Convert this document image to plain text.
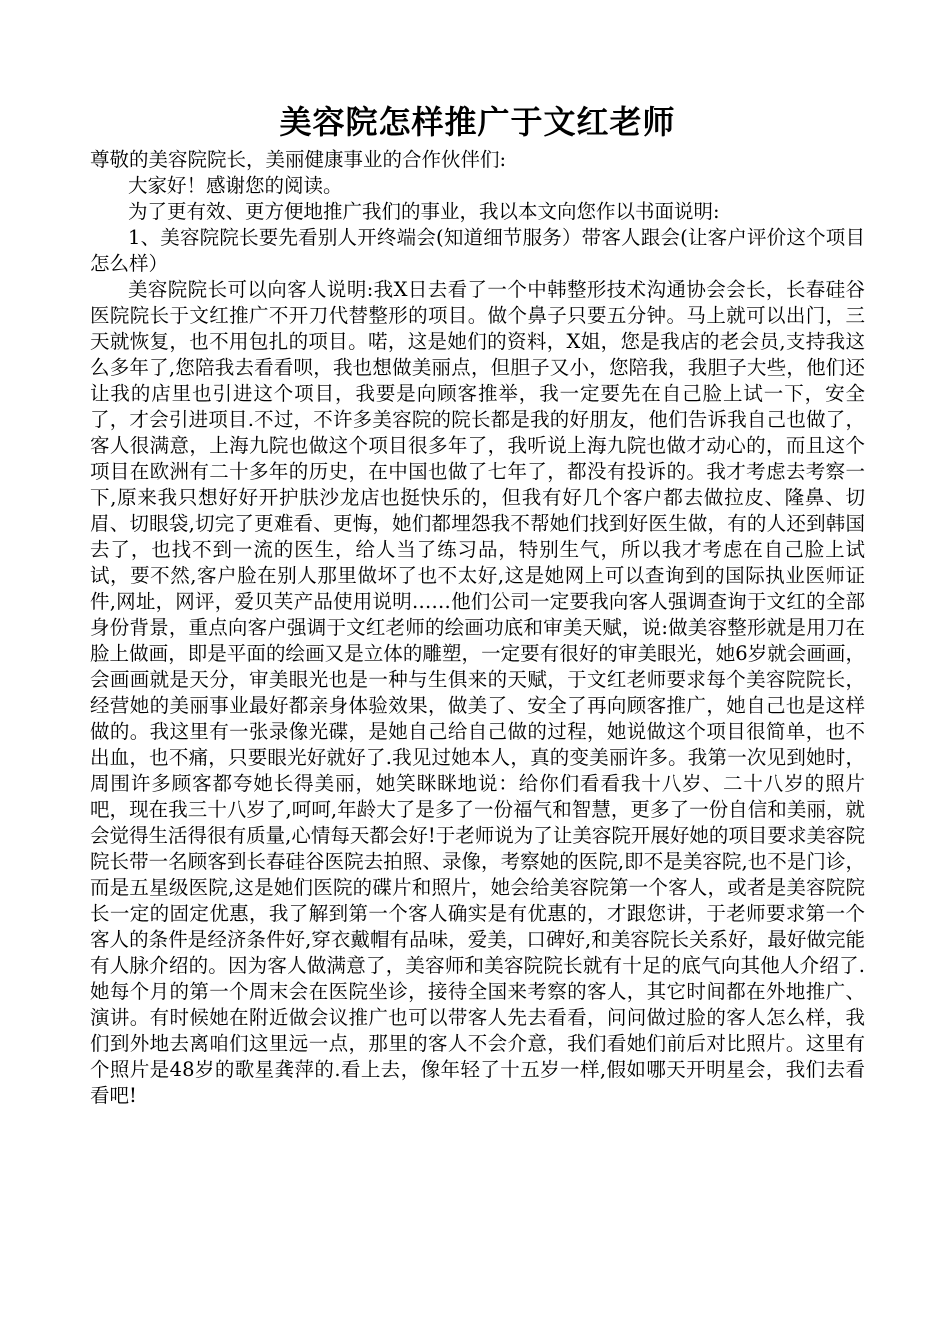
美容院怎样推广于文红老师

尊敬的美容院院长，美丽健康事业的合作伙伴们:

大家好！感谢您的阅读。

为了更有效、更方便地推广我们的事业，我以本文向您作以书面说明:

1、美容院院长要先看别人开终端会(知道细节服务）带客人跟会(让客户评价这个项目怎么样）

美容院院长可以向客人说明:我X日去看了一个中韩整形技术沟通协会会长，长春硅谷医院院长于文红推广不开刀代替整形的项目。做个鼻子只要五分钟。马上就可以出门，三天就恢复，也不用包扎的项目。喏，这是她们的资料，X姐，您是我店的老会员,支持我这么多年了,您陪我去看看呗，我也想做美丽点，但胆子又小，您陪我，我胆子大些，他们还让我的店里也引进这个项目，我要是向顾客推举，我一定要先在自己脸上试一下，安全了，才会引进项目.不过，不许多美容院的院长都是我的好朋友，他们告诉我自己也做了，客人很满意，上海九院也做这个项目很多年了，我听说上海九院也做才动心的，而且这个项目在欧洲有二十多年的历史，在中国也做了七年了，都没有投诉的。我才考虑去考察一下,原来我只想好好开护肤沙龙店也挺快乐的，但我有好几个客户都去做拉皮、隆鼻、切眉、切眼袋,切完了更难看、更悔，她们都埋怨我不帮她们找到好医生做，有的人还到韩国去了，也找不到一流的医生，给人当了练习品，特别生气，所以我才考虑在自己脸上试试，要不然,客户脸在别人那里做坏了也不太好,这是她网上可以查询到的国际执业医师证件,网址，网评，爱贝芙产品使用说明……他们公司一定要我向客人强调查询于文红的全部身份背景，重点向客户强调于文红老师的绘画功底和审美天赋，说:做美容整形就是用刀在脸上做画，即是平面的绘画又是立体的雕塑，一定要有很好的审美眼光，她6岁就会画画，会画画就是天分，审美眼光也是一种与生俱来的天赋，于文红老师要求每个美容院院长，经营她的美丽事业最好都亲身体验效果，做美了、安全了再向顾客推广，她自己也是这样做的。我这里有一张录像光碟，是她自己给自己做的过程，她说做这个项目很简单，也不出血，也不痛，只要眼光好就好了.我见过她本人，真的变美丽许多。我第一次见到她时，周围许多顾客都夸她长得美丽，她笑眯眯地说：给你们看看我十八岁、二十八岁的照片吧，现在我三十八岁了,呵呵,年龄大了是多了一份福气和智慧，更多了一份自信和美丽，就会觉得生活得很有质量,心情每天都会好!于老师说为了让美容院开展好她的项目要求美容院院长带一名顾客到长春硅谷医院去拍照、录像，考察她的医院,即不是美容院,也不是门诊，而是五星级医院,这是她们医院的碟片和照片，她会给美容院第一个客人，或者是美容院院长一定的固定优惠，我了解到第一个客人确实是有优惠的，才跟您讲，于老师要求第一个客人的条件是经济条件好,穿衣戴帽有品味，爱美，口碑好,和美容院长关系好，最好做完能有人脉介绍的。因为客人做满意了，美容师和美容院院长就有十足的底气向其他人介绍了.她每个月的第一个周末会在医院坐诊，接待全国来考察的客人，其它时间都在外地推广、演讲。有时候她在附近做会议推广也可以带客人先去看看，问问做过脸的客人怎么样，我们到外地去离咱们这里远一点，那里的客人不会介意，我们看她们前后对比照片。这里有个照片是48岁的歌星龚萍的.看上去，像年轻了十五岁一样,假如哪天开明星会，我们去看看吧!
